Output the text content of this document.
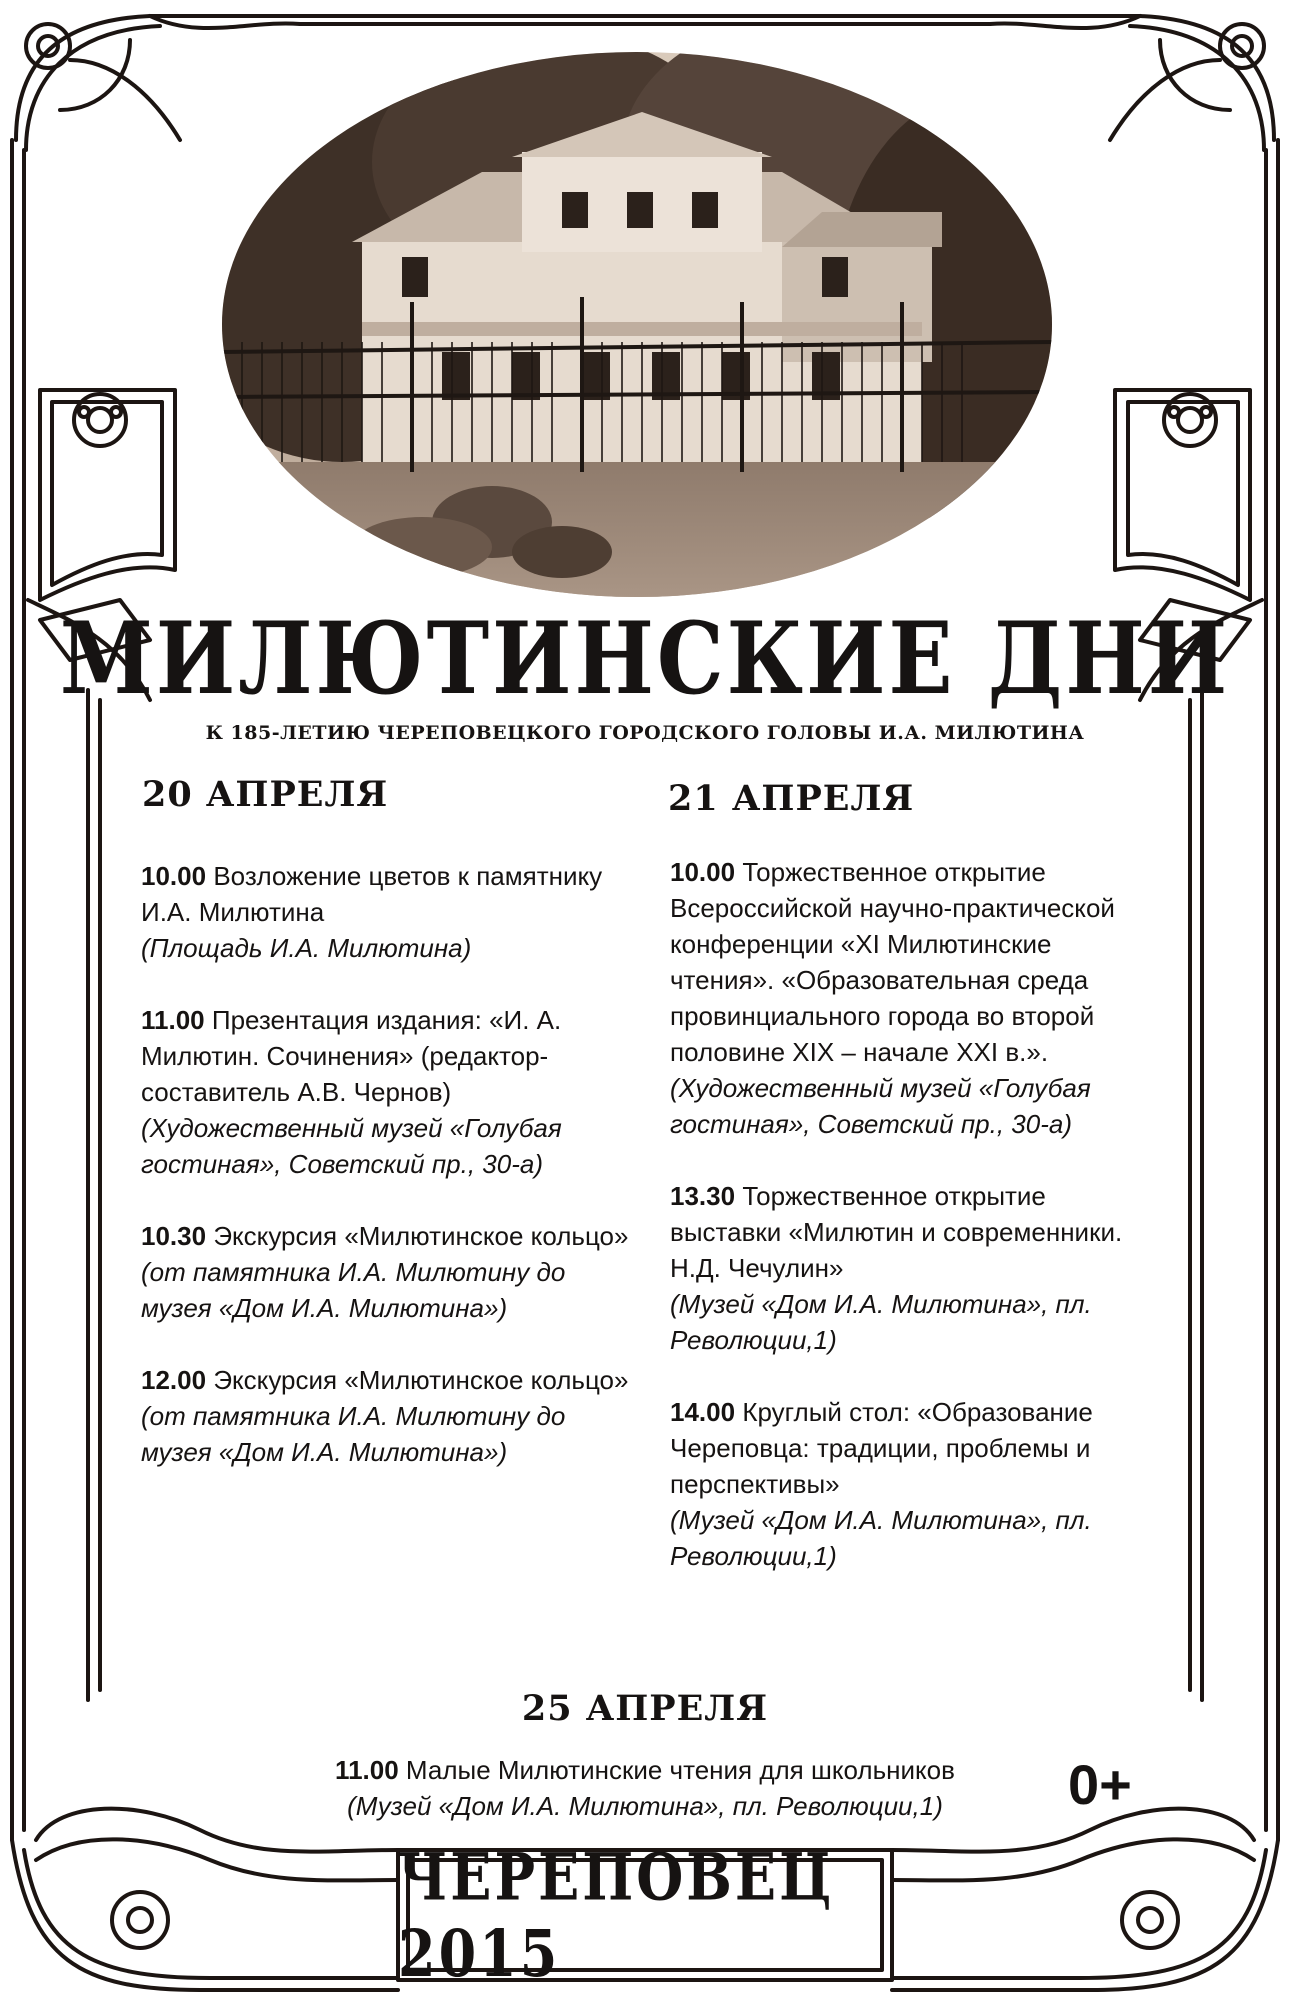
МИЛЮТИНСКИЕ ДНИ
К 185-ЛЕТИЮ ЧЕРЕПОВЕЦКОГО ГОРОДСКОГО ГОЛОВЫ И.А. МИЛЮТИНА
20 АПРЕЛЯ
10.00 Возложение цветов к памятнику И.А. Милютина
(Площадь И.А. Милютина)
11.00 Презентация издания: «И. А. Милютин. Сочинения» (редактор-составитель А.В. Чернов)
(Художественный музей «Голубая гостиная», Советский пр., 30-а)
10.30 Экскурсия «Милютинское кольцо»
(от памятника И.А. Милютину до музея «Дом И.А. Милютина»)
12.00 Экскурсия «Милютинское кольцо»
(от памятника И.А. Милютину до музея «Дом И.А. Милютина»)
21 АПРЕЛЯ
10.00 Торжественное открытие Всероссийской научно-практической конференции «XI Милютинские чтения». «Образовательная среда провинциального города во второй половине XIX – начале XXI в.».
(Художественный музей «Голубая гостиная», Советский пр., 30-а)
13.30 Торжественное открытие выставки «Милютин и современники. Н.Д. Чечулин»
(Музей «Дом И.А. Милютина», пл. Революции,1)
14.00 Круглый стол: «Образование Череповца: традиции, проблемы и перспективы»
(Музей «Дом И.А. Милютина», пл. Революции,1)
25 АПРЕЛЯ
11.00 Малые Милютинские чтения для школьников
(Музей «Дом И.А. Милютина», пл. Революции,1)	0+
ЧЕРЕПОВЕЦ 2015
